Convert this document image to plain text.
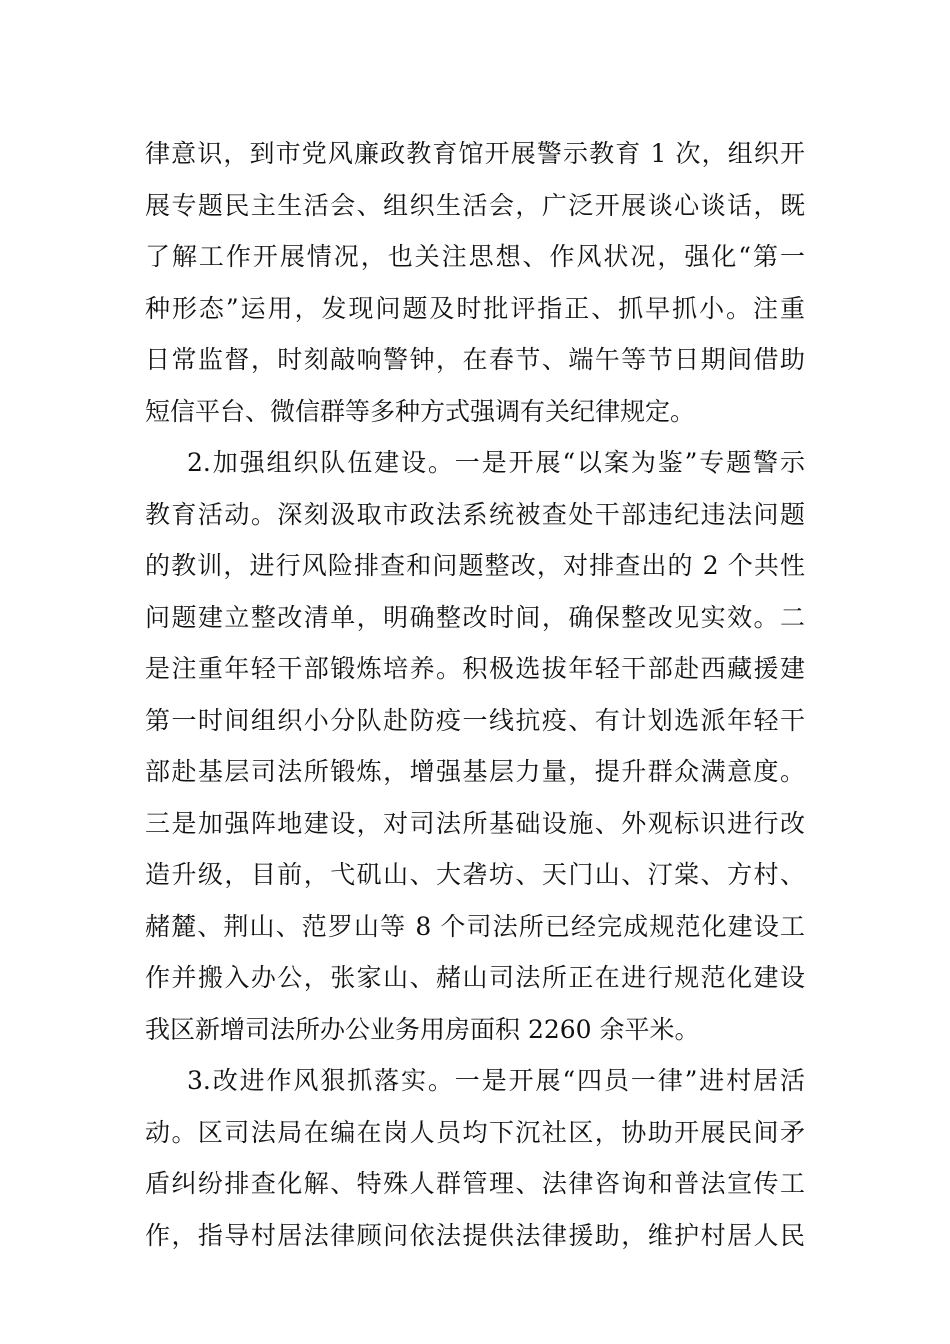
律意识，到市党风廉政教育馆开展警示教育 1 次，组织开
展专题民主生活会、组织生活会，广泛开展谈心谈话，既
了解工作开展情况，也关注思想、作风状况，强化“第一
种形态”运用，发现问题及时批评指正、抓早抓小。注重
日常监督，时刻敲响警钟，在春节、端午等节日期间借助
短信平台、微信群等多种方式强调有关纪律规定。
2.加强组织队伍建设。一是开展“以案为鉴”专题警示
教育活动。深刻汲取市政法系统被查处干部违纪违法问题
的教训，进行风险排查和问题整改，对排查出的 2 个共性
问题建立整改清单，明确整改时间，确保整改见实效。二
是注重年轻干部锻炼培养。积极选拔年轻干部赴西藏援建
第一时间组织小分队赴防疫一线抗疫、有计划选派年轻干
部赴基层司法所锻炼，增强基层力量，提升群众满意度。
三是加强阵地建设，对司法所基础设施、外观标识进行改
造升级，目前，弋矶山、大砻坊、天门山、汀棠、方村、
赭麓、荆山、范罗山等 8 个司法所已经完成规范化建设工
作并搬入办公，张家山、赭山司法所正在进行规范化建设
我区新增司法所办公业务用房面积 2260 余平米。
3.改进作风狠抓落实。一是开展“四员一律”进村居活
动。区司法局在编在岗人员均下沉社区，协助开展民间矛
盾纠纷排查化解、特殊人群管理、法律咨询和普法宣传工
作，指导村居法律顾问依法提供法律援助，维护村居人民
